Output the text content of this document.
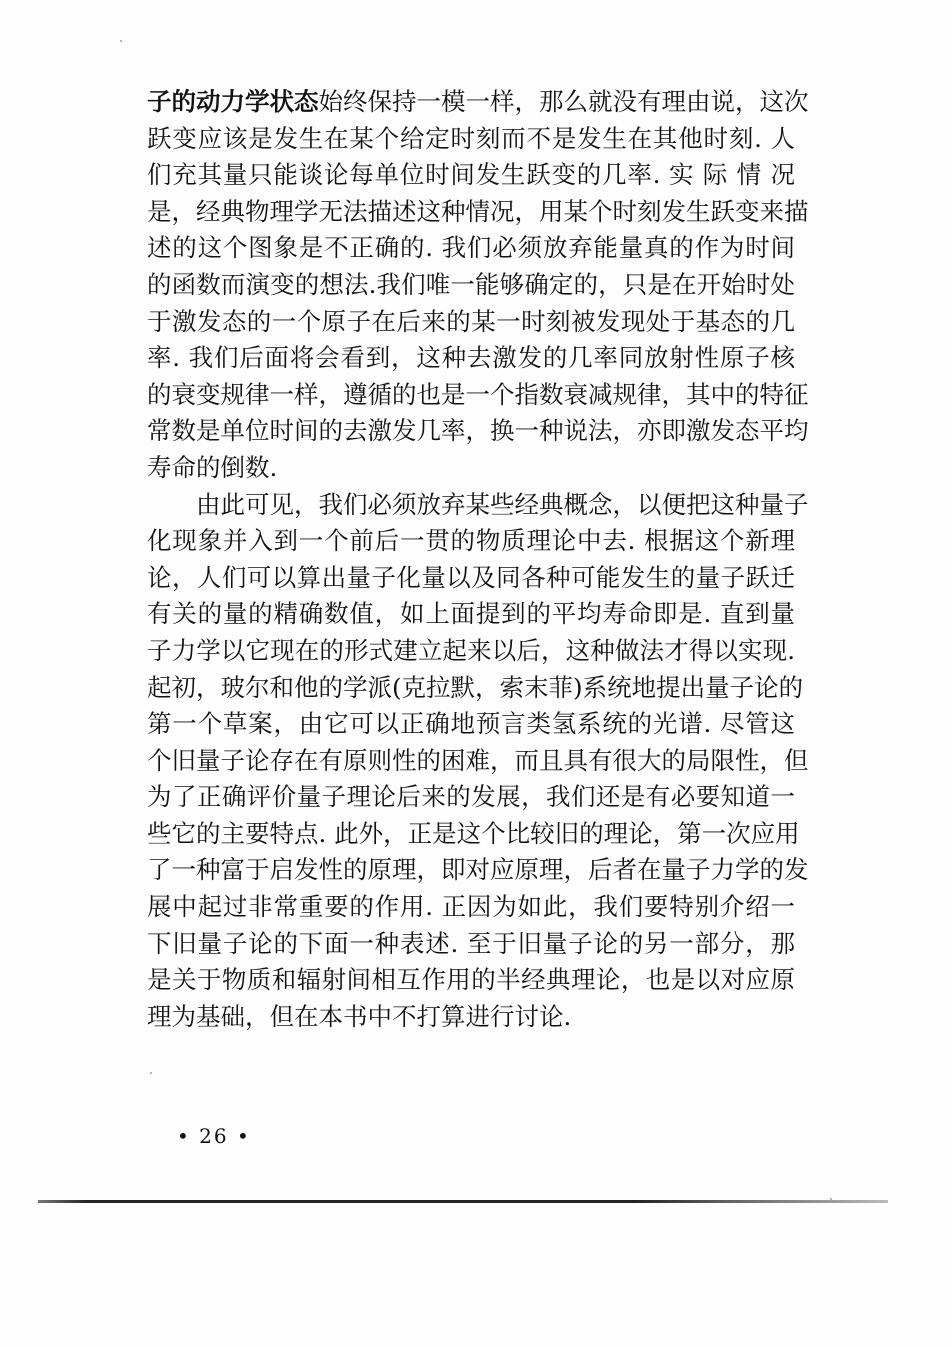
子的动力学状态始终保持一模一样，那么就没有理由说，这次
跃变应该是发生在某个给定时刻而不是发生在其他时刻. 人
们充其量只能谈论每单位时间发生跃变的几率. 实 际 情 况
是，经典物理学无法描述这种情况，用某个时刻发生跃变来描
述的这个图象是不正确的. 我们必须放弃能量真的作为时间
的函数而演变的想法.我们唯一能够确定的，只是在开始时处
于激发态的一个原子在后来的某一时刻被发现处于基态的几
率. 我们后面将会看到，这种去激发的几率同放射性原子核
的衰变规律一样，遵循的也是一个指数衰减规律，其中的特征
常数是单位时间的去激发几率，换一种说法，亦即激发态平均
寿命的倒数.
由此可见，我们必须放弃某些经典概念，以便把这种量子
化现象并入到一个前后一贯的物质理论中去. 根据这个新理
论，人们可以算出量子化量以及同各种可能发生的量子跃迁
有关的量的精确数值，如上面提到的平均寿命即是. 直到量
子力学以它现在的形式建立起来以后，这种做法才得以实现.
起初，玻尔和他的学派(克拉默，索末菲)系统地提出量子论的
第一个草案，由它可以正确地预言类氢系统的光谱. 尽管这
个旧量子论存在有原则性的困难，而且具有很大的局限性，但
为了正确评价量子理论后来的发展，我们还是有必要知道一
些它的主要特点. 此外，正是这个比较旧的理论，第一次应用
了一种富于启发性的原理，即对应原理，后者在量子力学的发
展中起过非常重要的作用. 正因为如此，我们要特别介绍一
下旧量子论的下面一种表述. 至于旧量子论的另一部分，那
是关于物质和辐射间相互作用的半经典理论，也是以对应原
理为基础，但在本书中不打算进行讨论.
• 26 •
